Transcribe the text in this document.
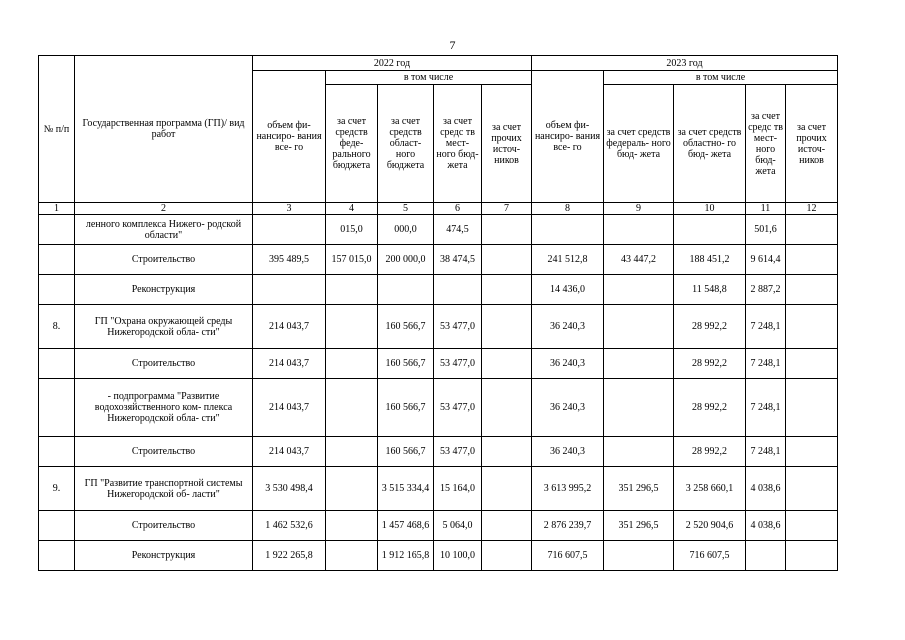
7
№ п/п	Государственная программа (ГП)/ вид работ	2022 год					2023 год				
		объем фи- нансиро- вания все- го	в том числе				объем фи- нансиро- вания все- го	в том числе			
			за счет средств феде- рального бюджета	за счет средств област- ного бюджета	за счет средс тв мест- ного бюд- жета	за счет прочих источ- ников		за счет средств федераль- ного бюд- жета	за счет средств областно- го бюд- жета	за счет средс тв мест- ного бюд- жета	за счет прочих источ- ников
1	2	3	4	5	6	7	8	9	10	11	12
	ленного комплекса Нижего- родской области"		015,0	000,0	474,5					501,6	
	Строительство	395 489,5	157 015,0	200 000,0	38 474,5		241 512,8	43 447,2	188 451,2	9 614,4	
	Реконструкция						14 436,0		11 548,8	2 887,2	
8.	ГП "Охрана окружающей среды Нижегородской обла- сти"	214 043,7		160 566,7	53 477,0		36 240,3		28 992,2	7 248,1	
	Строительство	214 043,7		160 566,7	53 477,0		36 240,3		28 992,2	7 248,1	
	- подпрограмма "Развитие водохозяйственного ком- плекса Нижегородской обла- сти"	214 043,7		160 566,7	53 477,0		36 240,3		28 992,2	7 248,1	
	Строительство	214 043,7		160 566,7	53 477,0		36 240,3		28 992,2	7 248,1	
9.	ГП "Развитие транспортной системы Нижегородской об- ласти"	3 530 498,4		3 515 334,4	15 164,0		3 613 995,2	351 296,5	3 258 660,1	4 038,6	
	Строительство	1 462 532,6		1 457 468,6	5 064,0		2 876 239,7	351 296,5	2 520 904,6	4 038,6	
	Реконструкция	1 922 265,8		1 912 165,8	10 100,0		716 607,5		716 607,5		
